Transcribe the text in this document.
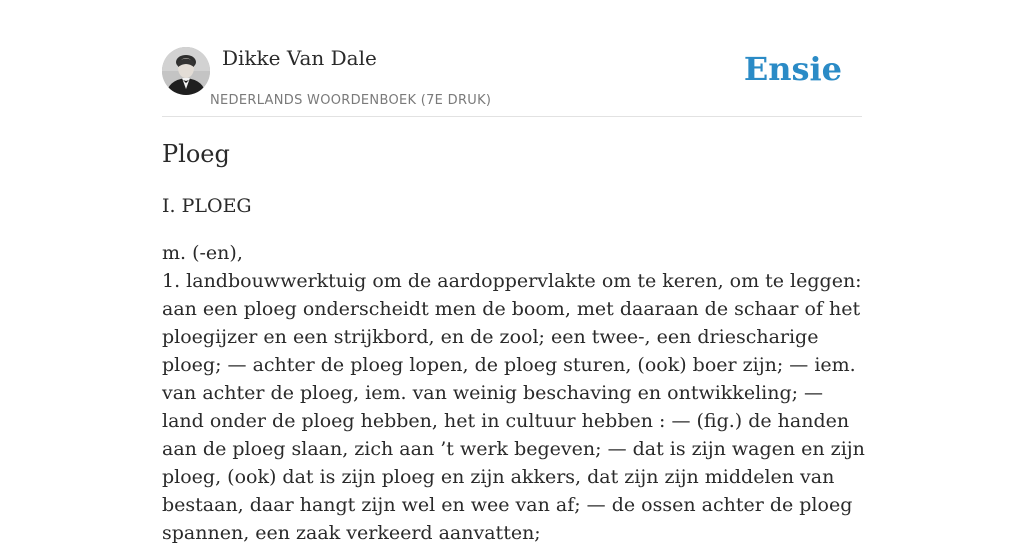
Dikke Van Dale
NEDERLANDS WOORDENBOEK (7E DRUK)
Ensie
Ploeg
I. PLOEG
m. (-en),
1. landbouwwerktuig om de aardoppervlakte om te keren, om te leggen: aan een ploeg onderscheidt men de boom, met daaraan de schaar of het ploegijzer en een strijkbord, en de zool; een twee-, een driescharige ploeg; — achter de ploeg lopen, de ploeg sturen, (ook) boer zijn; — iem. van achter de ploeg, iem. van weinig beschaving en ontwikkeling; — land onder de ploeg hebben, het in cultuur hebben : — (fig.) de handen aan de ploeg slaan, zich aan ’t werk begeven; — dat is zijn wagen en zijn ploeg, (ook) dat is zijn ploeg en zijn akkers, dat zijn zijn middelen van bestaan, daar hangt zijn wel en wee van af; — de ossen achter de ploeg spannen, een zaak verkeerd aanvatten;
